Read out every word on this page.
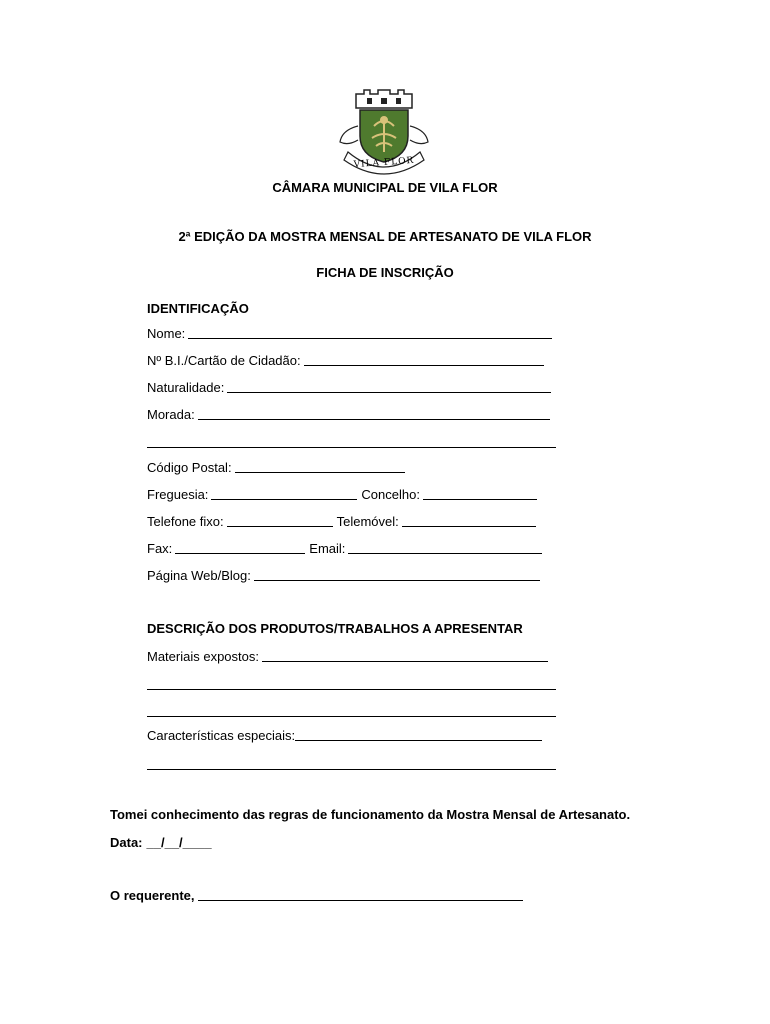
VILA FLOR
CÂMARA MUNICIPAL DE VILA FLOR
2ª EDIÇÃO DA MOSTRA MENSAL DE ARTESANATO DE VILA FLOR
FICHA DE INSCRIÇÃO
IDENTIFICAÇÃO
Nome:
Nº B.I./Cartão de Cidadão:
Naturalidade:
Morada:
Código Postal:
Freguesia:	Concelho:
Telefone fixo:	Telemóvel:
Fax:	Email:
Página Web/Blog:
DESCRIÇÃO DOS PRODUTOS/TRABALHOS A APRESENTAR
Materiais expostos:
Características especiais:
Tomei conhecimento das regras de funcionamento da Mostra Mensal de Artesanato.
Data: __/__/____
O requerente,
